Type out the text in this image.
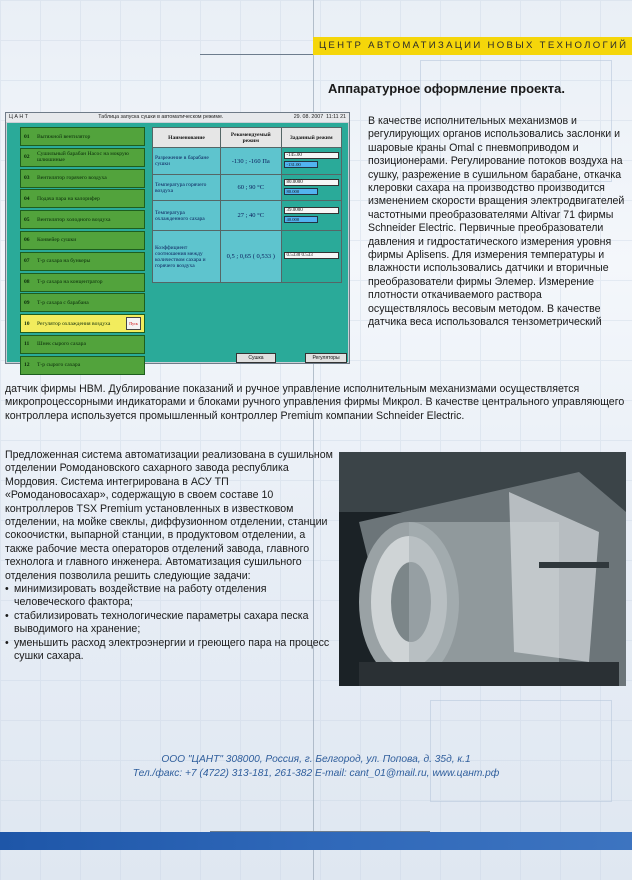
ЦЕНТР АВТОМАТИЗАЦИИ НОВЫХ ТЕХНОЛОГИЙ
Аппаратурное оформление проекта.
Ц А Н Т	Таблица запуска сушки в автоматическом режиме.	29. 08. 2007 11:11 21
01	Вытяжной вентилятор
02	Сушильный барабан Насос на мокрую шлюшиные
03	Вентилятор горячего воздуха
04	Подача пара на калорифер
05	Вентилятор холодного воздуха
06	Конвейер сушки
07	Т-р сахара на бункеры
08	Т-р сахара на концентратор
09	Т-р сахара с барабана
10	Регулятор охлаждения воздуха	Пуск
11	Шнек сырого сахара
12	Т-р сырого сахара
Наименование	Рекомендуемый режим	Заданный режим
Разрежение в барабане сушки	-130 ; -160 Па	-145.00
-131.00

Температура горячего воздуха	60 ; 90 °С	80.0000
80.000

Температура охлажденного сахара	27 ; 40 °С	39.0000
40.000

Коэффициент соотношения между количеством сахара и горячего воздуха	0,5 ; 0,65 ( 0,533 )	0.5330 0.533
Сушка	Регуляторы

В качестве исполнительных механизмов и регулирующих органов использовались заслонки и шаровые краны Omal с пневмоприводом и позиционерами. Регулирование потоков воздуха на сушку, разрежение в сушильном барабане, откачка клеровки сахара на производство производится изменением скорости вращения электродвигателей частотными преобразователями Altivar 71 фирмы Schneider Electric. Первичные преобразователи давления и гидростатического измерения уровня фирмы Aplisens. Для измерения температуры и влажности использовались датчики и вторичные преобразователи фирмы Элемер. Измерение плотности откачиваемого раствора осуществлялось весовым методом. В качестве датчика веса использовался тензометрический

датчик фирмы HBM. Дублирование показаний и ручное управление исполнительным механизмами осуществляется микропроцессорными индикаторами и блоками ручного управления фирмы Микрол. В качестве центрального управляющего контроллера используется промышленный контроллер Premium компании Schneider Electric.

Предложенная система автоматизации реализована в сушильном отделении Ромодановского сахарного завода республика Мордовия. Система интегрирована в АСУ ТП «Ромодановосахар», содержащую в своем составе 10 контроллеров TSX Premium установленных в известковом отделении, на мойке свеклы, диффузионном отделении, станции сокоочистки, выпарной станции, в продуктовом отделении, а также рабочие места операторов отделений завода, главного технолога и главного инженера. Автоматизация сушильного отделения позволила решить следующие задачи:

• минимизировать воздействие на работу отделения человеческого фактора;
• стабилизировать технологические параметры сахара песка выводимого на хранение;
• уменьшить расход электроэнергии и греющего пара на процесс сушки сахара.
ООО "ЦАНТ" 308000, Россия, г. Белгород, ул. Попова, д. 35д, к.1
Тел./факс: +7 (4722) 313-181, 261-382 E-mail: cant_01@mail.ru, www.цант.рф
